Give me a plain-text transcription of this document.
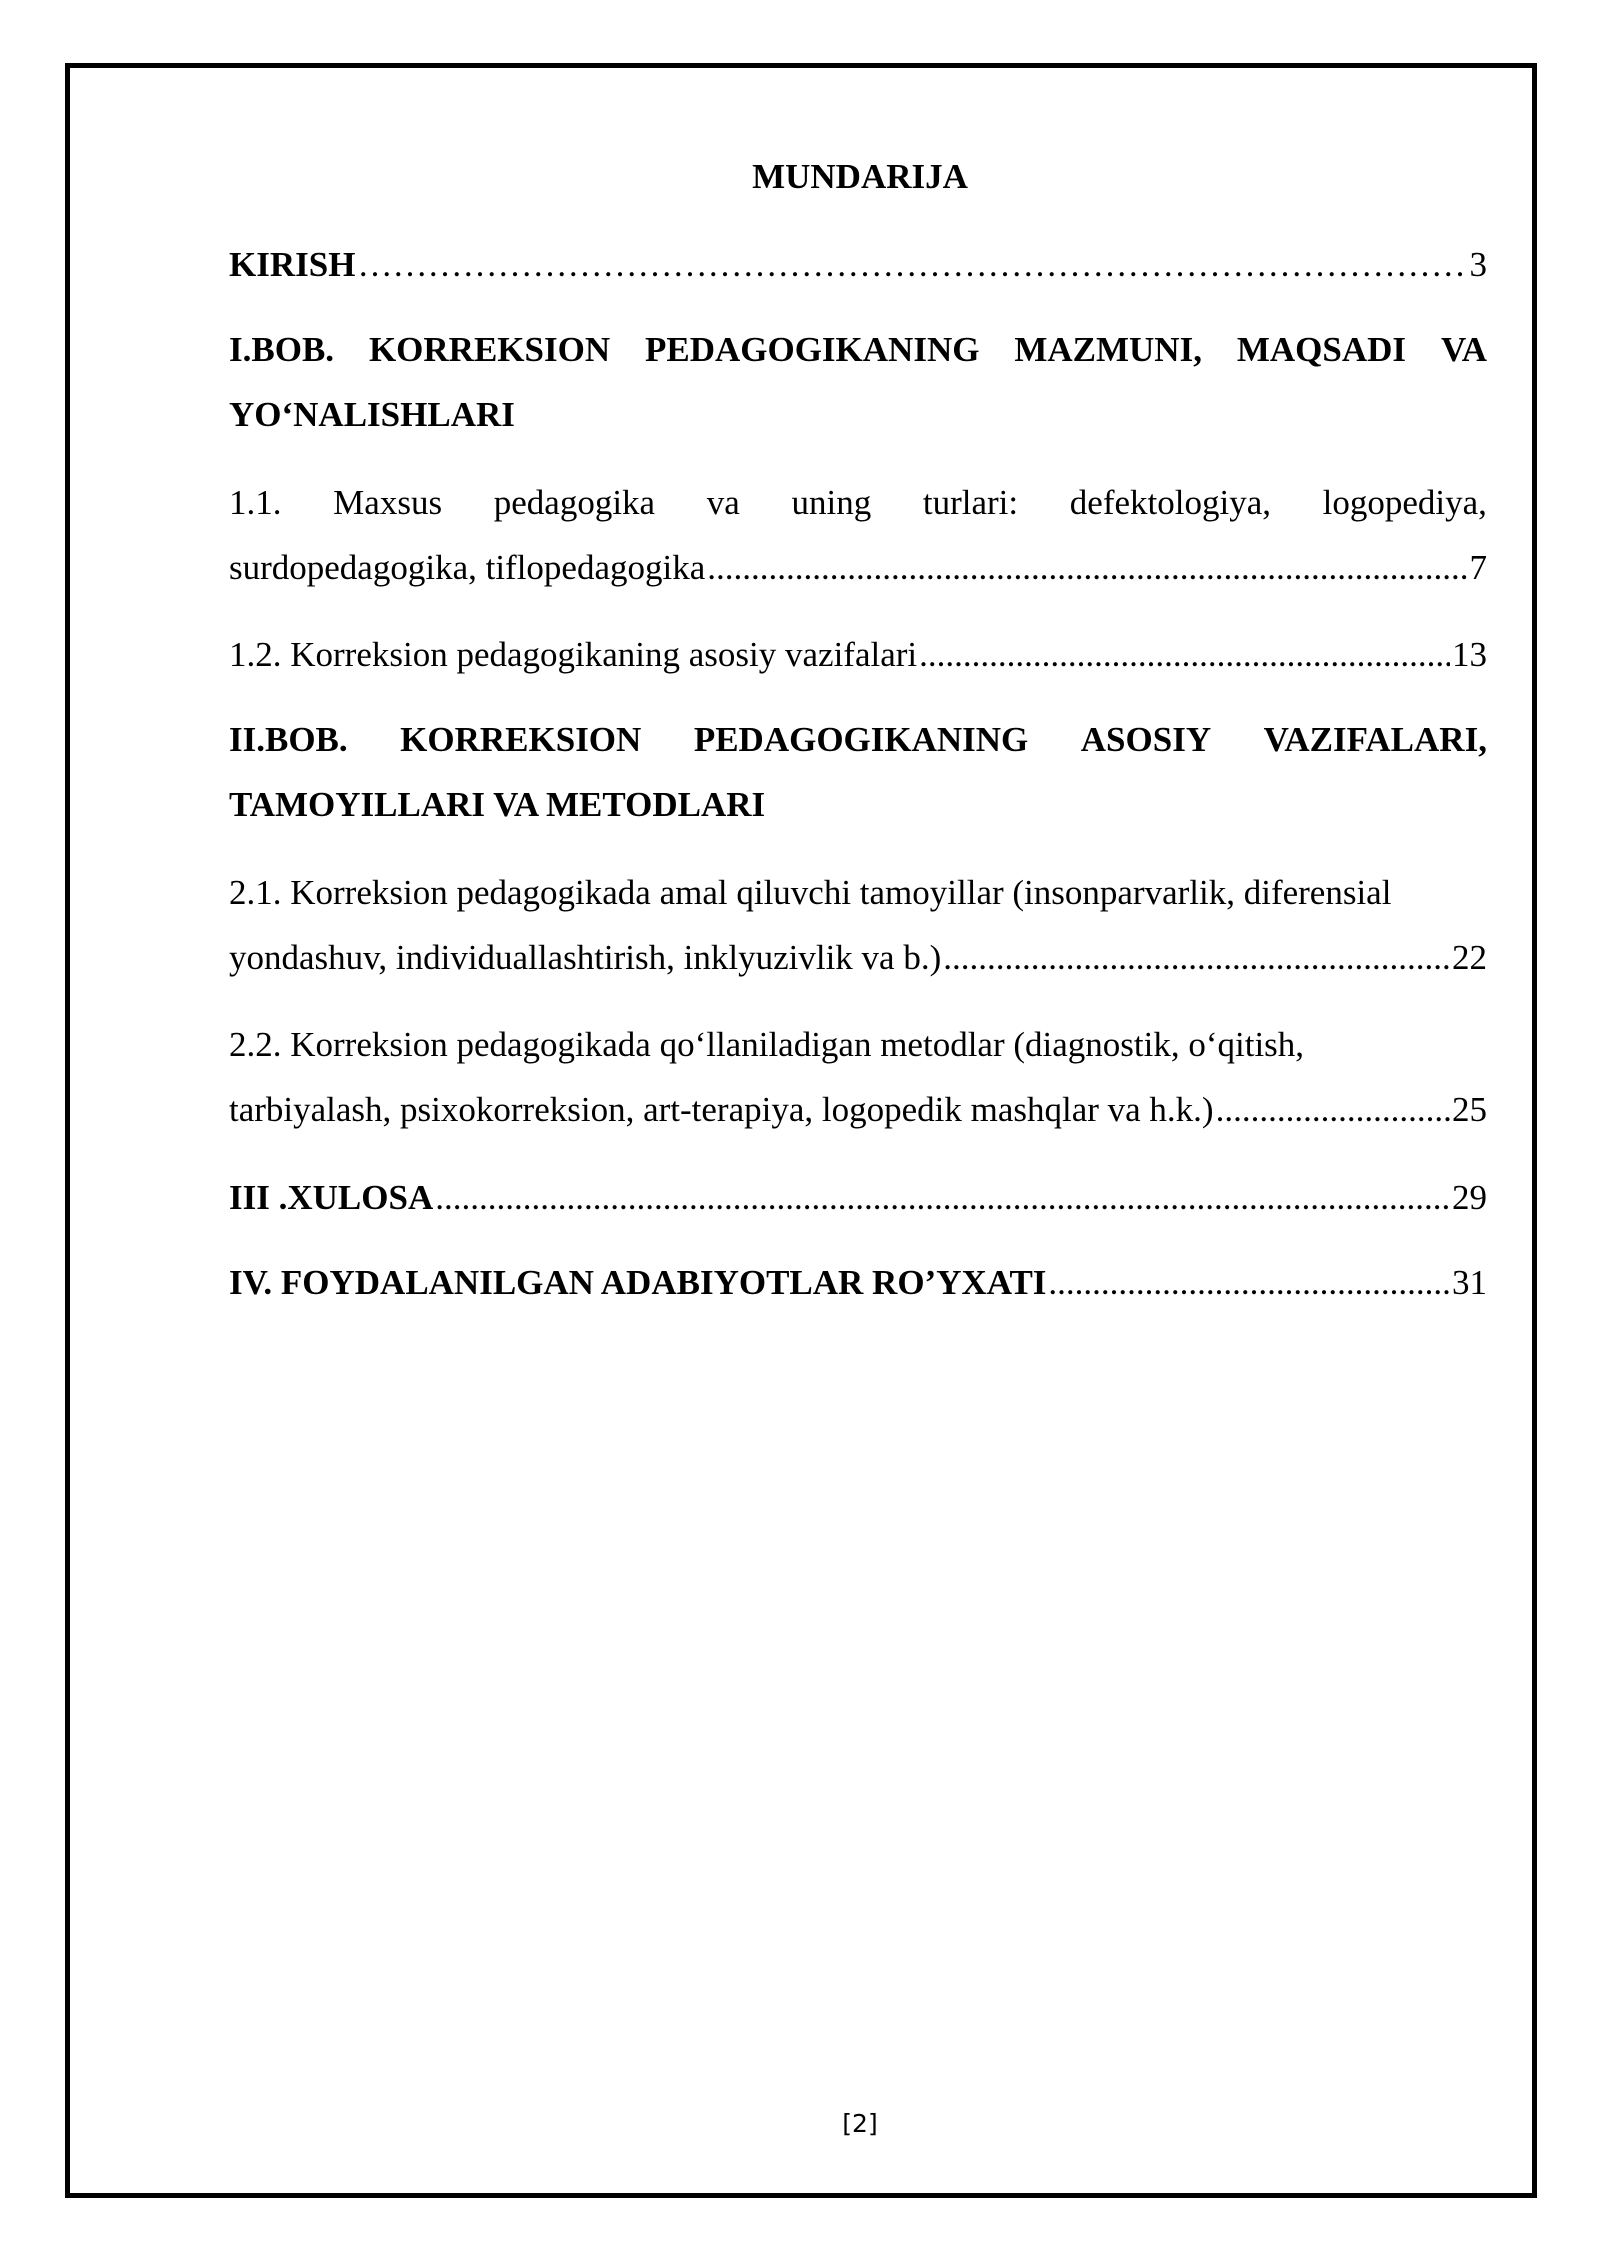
MUNDARIJA
KIRISH ……………………………………………………………………………………………………………………………………………………………………………………………………………………	3
I.BOB. KORREKSION PEDAGOGIKANING MAZMUNI, MAQSADI VA
YO‘NALISHLARI
1.1. Maxsus pedagogika va uning turlari: defektologiya, logopediya,
surdopedagogika, tiflopedagogika .....	7
1.2. Korreksion pedagogikaning asosiy vazifalari .....	13
II.BOB. KORREKSION PEDAGOGIKANING ASOSIY VAZIFALARI,
TAMOYILLARI VA METODLARI
2.1. Korreksion pedagogikada amal qiluvchi tamoyillar (insonparvarlik, diferensial
yondashuv, individuallashtirish, inklyuzivlik va b.) .....	22
2.2. Korreksion pedagogikada qo‘llaniladigan metodlar (diagnostik, o‘qitish,
tarbiyalash, psixokorreksion, art-terapiya, logopedik mashqlar va h.k.) .....	25
III .XULOSA .....	29
IV. FOYDALANILGAN ADABIYOTLAR RO’YXATI .....	31
[2]
